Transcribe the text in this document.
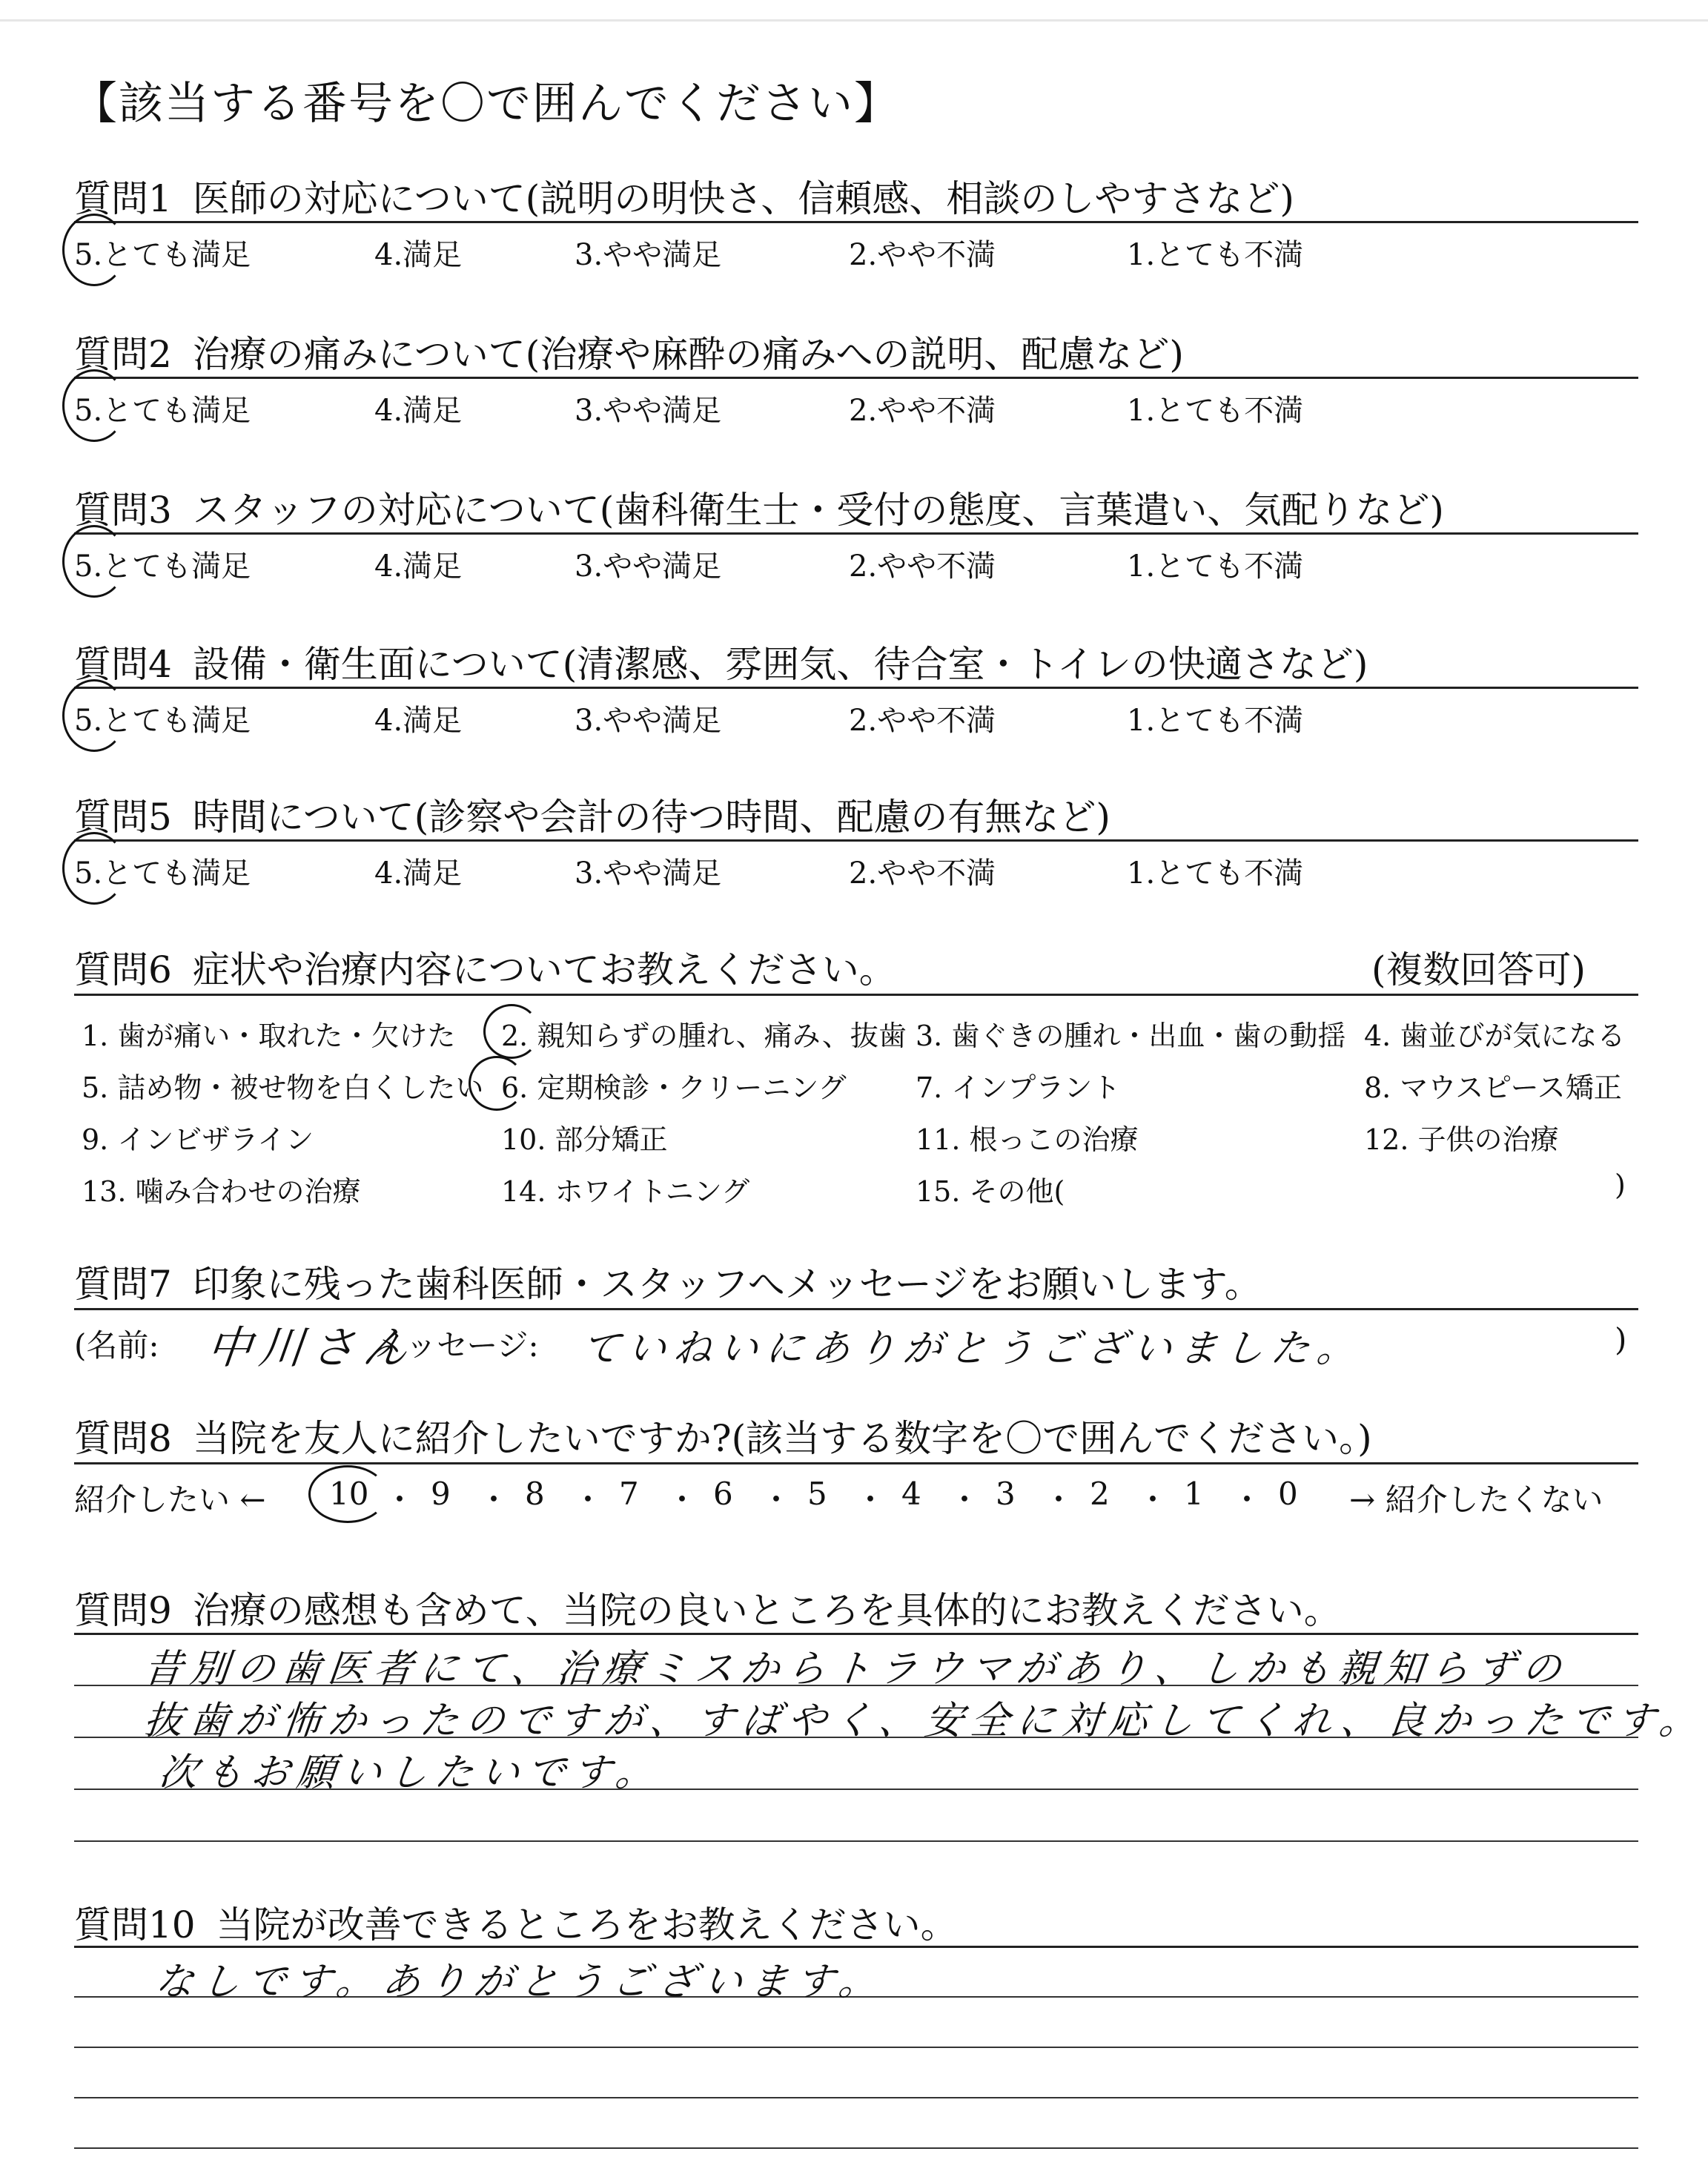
【該当する番号を〇で囲んでください】
質問1 医師の対応について(説明の明快さ、信頼感、相談のしやすさなど)
5.とても満足	4.満足	3.やや満足	2.やや不満	1.とても不満
質問2 治療の痛みについて(治療や麻酔の痛みへの説明、配慮など)
5.とても満足	4.満足	3.やや満足	2.やや不満	1.とても不満
質問3 スタッフの対応について(歯科衛生士・受付の態度、言葉遣い、気配りなど)
5.とても満足	4.満足	3.やや満足	2.やや不満	1.とても不満
質問4 設備・衛生面について(清潔感、雰囲気、待合室・トイレの快適さなど)
5.とても満足	4.満足	3.やや満足	2.やや不満	1.とても不満
質問5 時間について(診察や会計の待つ時間、配慮の有無など)
5.とても満足	4.満足	3.やや満足	2.やや不満	1.とても不満
質問6 症状や治療内容についてお教えください。	(複数回答可)
1. 歯が痛い・取れた・欠けた 2. 親知らずの腫れ、痛み、抜歯 3. 歯ぐきの腫れ・出血・歯の動揺 4. 歯並びが気になる
5. 詰め物・被せ物を白くしたい 6. 定期検診・クリーニング 7. インプラント	8. マウスピース矯正
9. インビザライン	10. 部分矯正	11. 根っこの治療	12. 子供の治療
13. 噛み合わせの治療	14. ホワイトニング	15. その他(	)
質問7 印象に残った歯科医師・スタッフへメッセージをお願いします。
(名前: 中川さん
メッセージ: ていねいにありがとうございました。	)
質問8 当院を友人に紹介したいですか?(該当する数字を〇で囲んでください。)
紹介したい ← 10 ・ 9 ・ 8 ・ 7 ・ 6 ・ 5 ・ 4 ・ 3 ・ 2 ・ 1 ・ 0 → 紹介したくない
質問9 治療の感想も含めて、当院の良いところを具体的にお教えください。
昔別の歯医者にて、治療ミスからトラウマがあり、しかも親知らずの
抜歯が怖かったのですが、すばやく、安全に対応してくれ、良かったです。
次もお願いしたいです。
質問10 当院が改善できるところをお教えください。
なしです。ありがとうございます。
